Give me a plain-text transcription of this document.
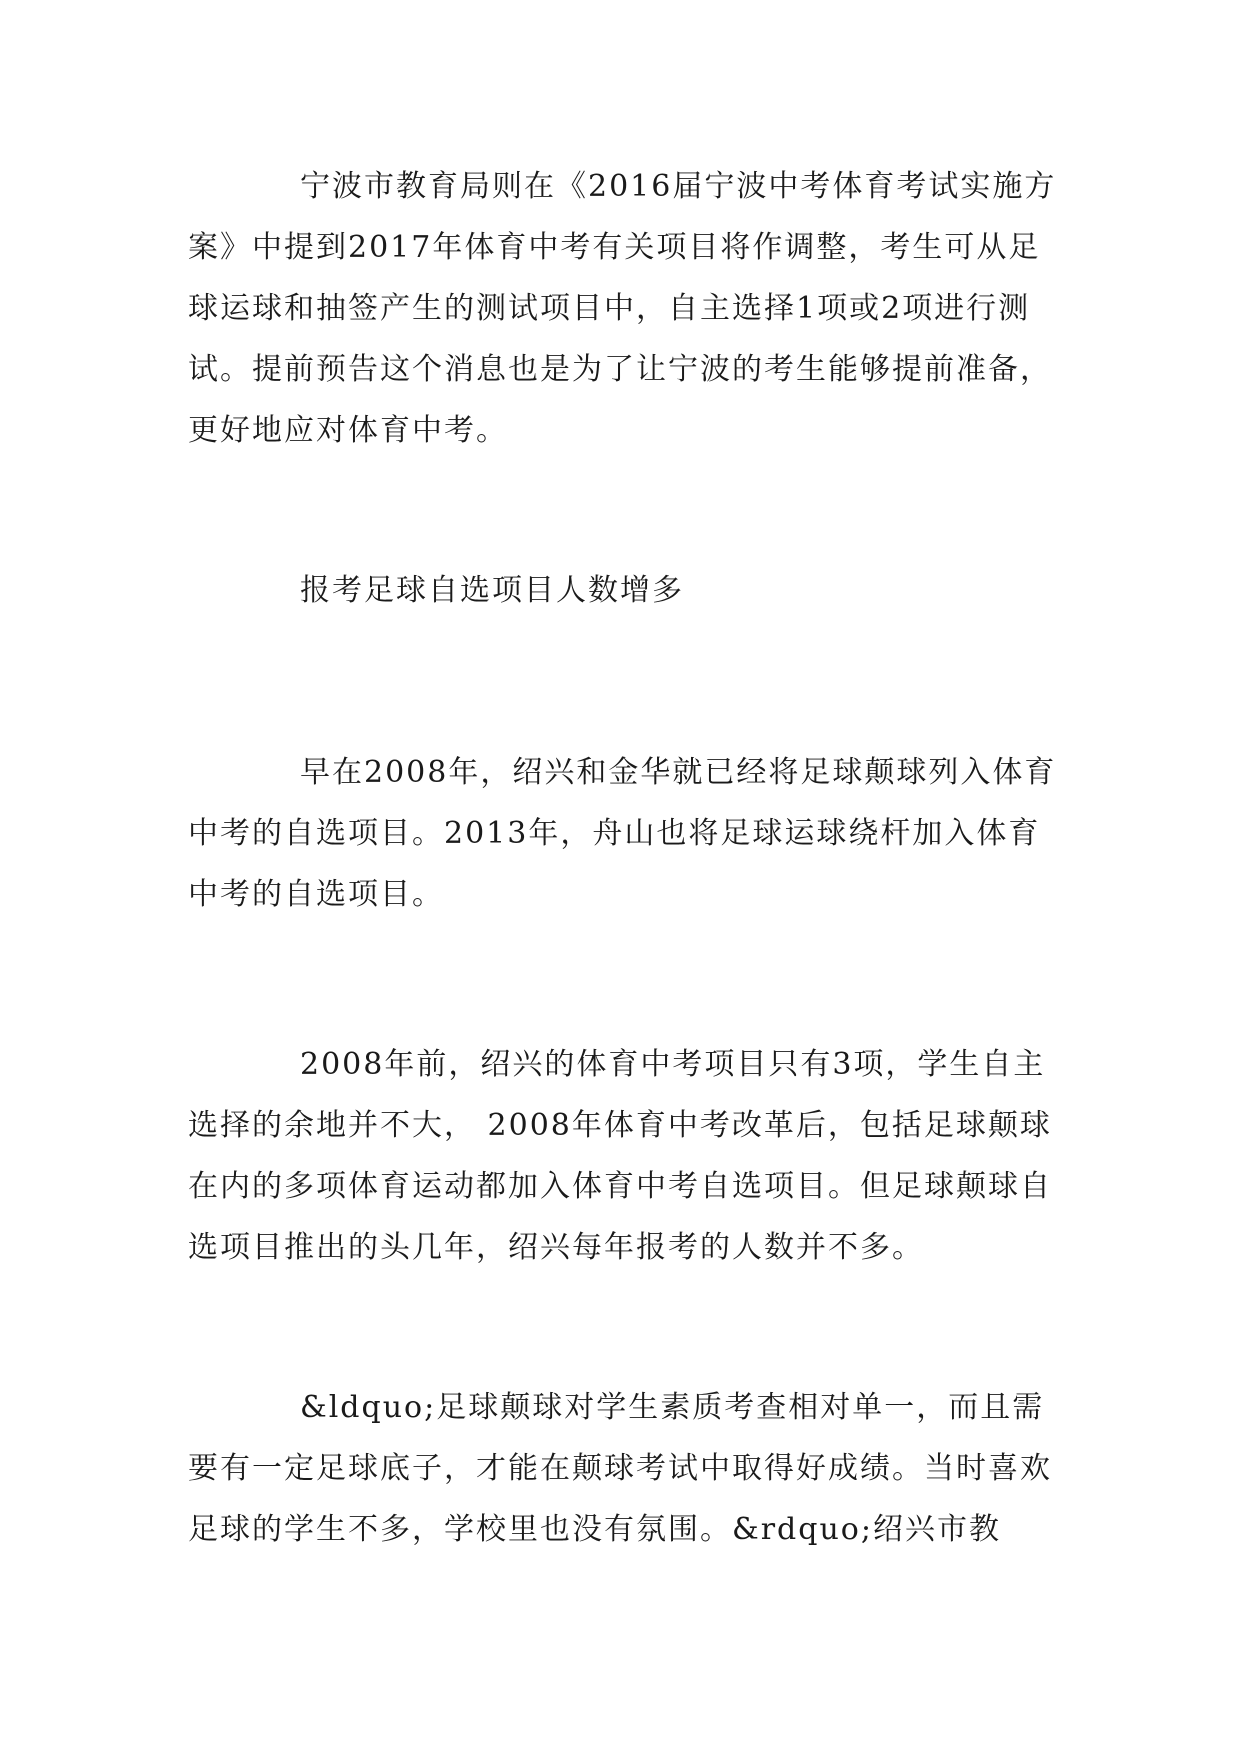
宁波市教育局则在《2016届宁波中考体育考试实施方案》中提到2017年体育中考有关项目将作调整，考生可从足球运球和抽签产生的测试项目中，自主选择1项或2项进行测试。提前预告这个消息也是为了让宁波的考生能够提前准备，更好地应对体育中考。

报考足球自选项目人数增多

早在2008年，绍兴和金华就已经将足球颠球列入体育中考的自选项目。2013年，舟山也将足球运球绕杆加入体育中考的自选项目。

2008年前，绍兴的体育中考项目只有3项，学生自主选择的余地并不大， 2008年体育中考改革后，包括足球颠球在内的多项体育运动都加入体育中考自选项目。但足球颠球自选项目推出的头几年，绍兴每年报考的人数并不多。

&ldquo;足球颠球对学生素质考查相对单一，而且需要有一定足球底子，才能在颠球考试中取得好成绩。当时喜欢足球的学生不多，学校里也没有氛围。&rdquo;绍兴市教
